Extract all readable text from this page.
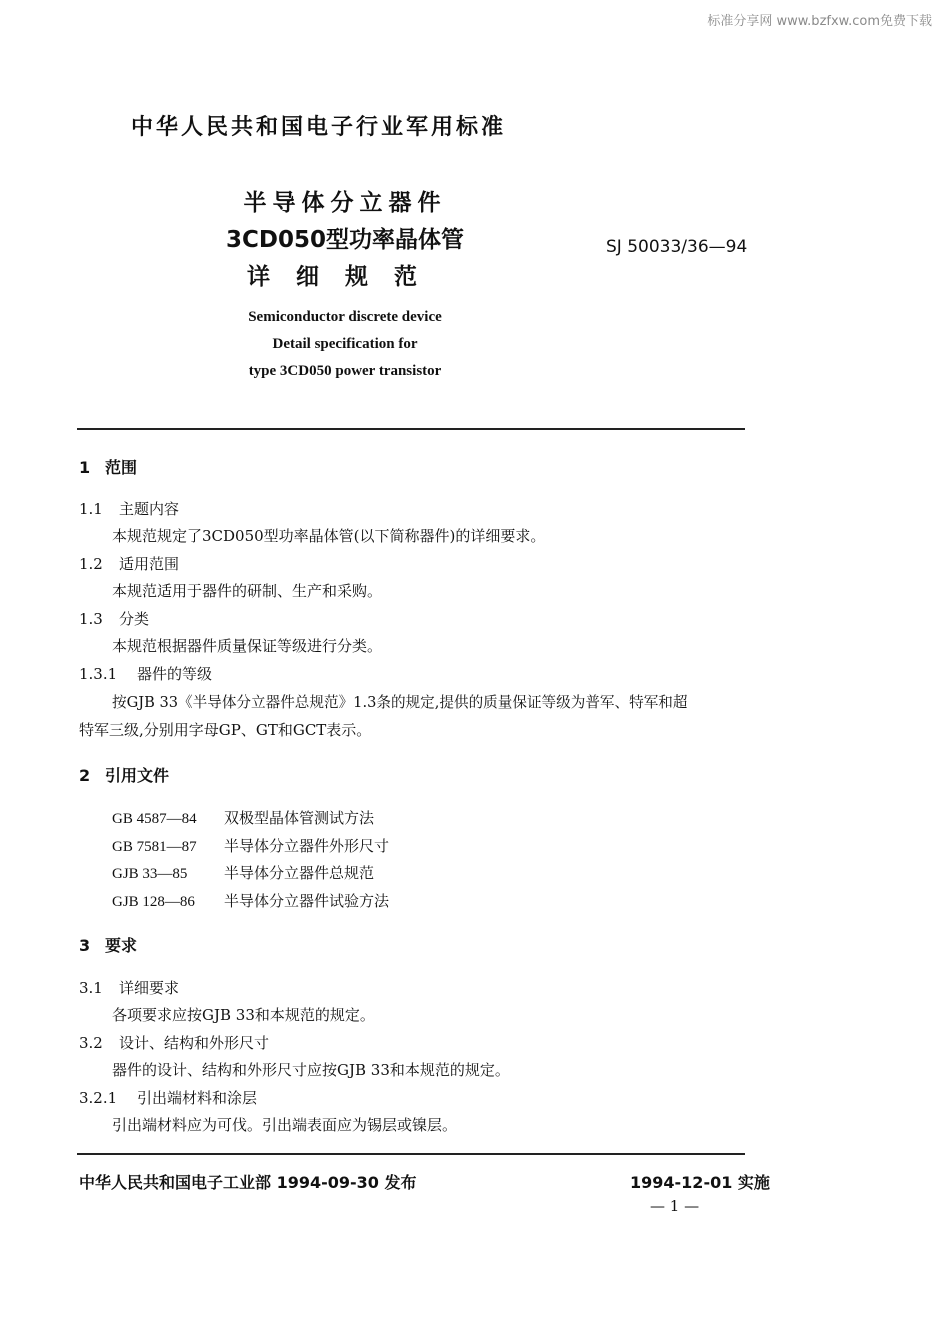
标准分享网 www.bzfxw.com免费下载
中华人民共和国电子行业军用标准
半导体分立器件
3CD050型功率晶体管
详细规范
SJ 50033/36—94
Semiconductor discrete device
Detail specification for
type 3CD050 power transistor
1 范围
1.1 主题内容
本规范规定了3CD050型功率晶体管(以下简称器件)的详细要求。
1.2 适用范围
本规范适用于器件的研制、生产和采购。
1.3 分类
本规范根据器件质量保证等级进行分类。
1.3.1 器件的等级
按GJB 33《半导体分立器件总规范》1.3条的规定,提供的质量保证等级为普军、特军和超
特军三级,分别用字母GP、GT和GCT表示。
2 引用文件
GB 4587—84 双极型晶体管测试方法
GB 7581—87 半导体分立器件外形尺寸
GJB 33—85 半导体分立器件总规范
GJB 128—86 半导体分立器件试验方法
3 要求
3.1 详细要求
各项要求应按GJB 33和本规范的规定。
3.2 设计、结构和外形尺寸
器件的设计、结构和外形尺寸应按GJB 33和本规范的规定。
3.2.1 引出端材料和涂层
引出端材料应为可伐。引出端表面应为锡层或镍层。
中华人民共和国电子工业部 1994-09-30 发布	1994-12-01 实施
— 1 —
